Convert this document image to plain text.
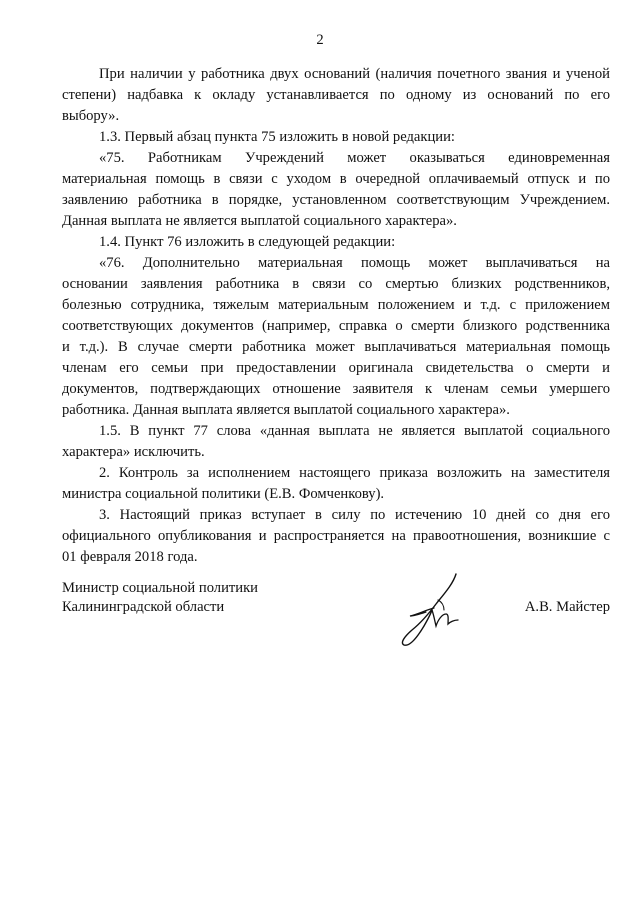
2
При наличии у работника двух оснований (наличия почетного звания и ученой
степени) надбавка к окладу устанавливается по одному из оснований по его
выбору».
1.3. Первый абзац пункта 75 изложить в новой редакции:
«75. Работникам Учреждений может оказываться единовременная
материальная помощь в связи с уходом в очередной оплачиваемый отпуск и по
заявлению работника в порядке, установленном соответствующим Учреждением.
Данная выплата не является выплатой социального характера».
1.4. Пункт 76 изложить в следующей редакции:
«76. Дополнительно материальная помощь может выплачиваться на
основании заявления работника в связи со смертью близких родственников,
болезнью сотрудника, тяжелым материальным положением и т.д. с приложением
соответствующих документов (например, справка о смерти близкого родственника
и т.д.). В случае смерти работника может выплачиваться материальная помощь
членам его семьи при предоставлении оригинала свидетельства о смерти и
документов, подтверждающих отношение заявителя к членам семьи умершего
работника. Данная выплата является выплатой социального характера».
1.5. В пункт 77 слова «данная выплата не является выплатой социального
характера» исключить.
2. Контроль за исполнением настоящего приказа возложить на заместителя
министра социальной политики (Е.В. Фомченкову).
3. Настоящий приказ вступает в силу по истечению 10 дней со дня его
официального опубликования и распространяется на правоотношения, возникшие с
01 февраля 2018 года.
Министр социальной политики
Калининградской области	А.В. Майстер
